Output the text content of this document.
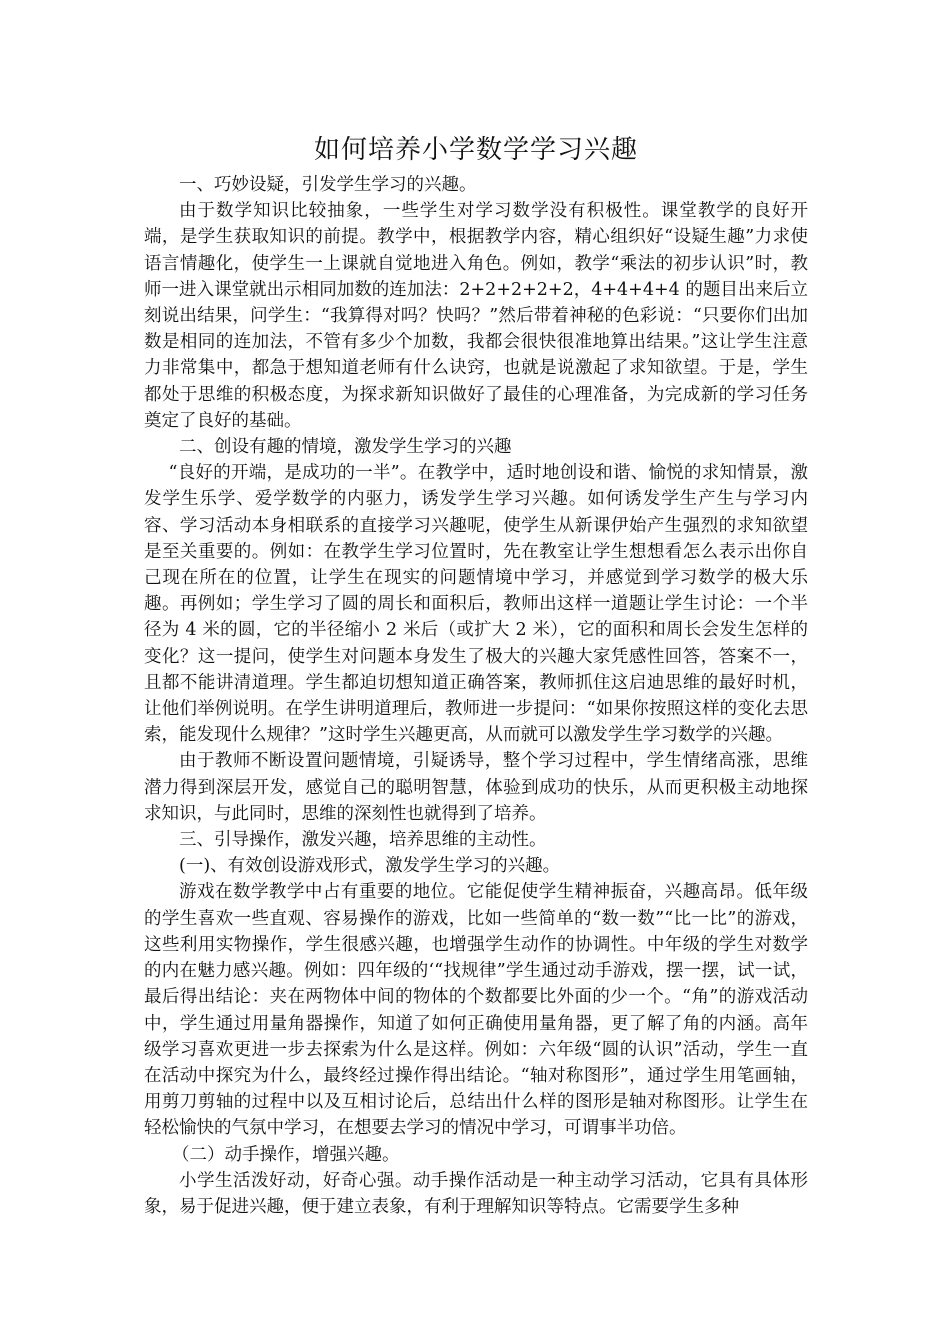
如何培养小学数学学习兴趣

一、巧妙设疑，引发学生学习的兴趣。

由于数学知识比较抽象，一些学生对学习数学没有积极性。课堂教学的良好开端，是学生获取知识的前提。教学中，根据教学内容，精心组织好“设疑生趣”力求使语言情趣化，使学生一上课就自觉地进入角色。例如，教学“乘法的初步认识”时，教师一进入课堂就出示相同加数的连加法：2+2+2+2+2，4+4+4+4 的题目出来后立刻说出结果，问学生：“我算得对吗？快吗？”然后带着神秘的色彩说：“只要你们出加数是相同的连加法，不管有多少个加数，我都会很快很准地算出结果。”这让学生注意力非常集中，都急于想知道老师有什么诀窍，也就是说激起了求知欲望。于是，学生都处于思维的积极态度，为探求新知识做好了最佳的心理准备，为完成新的学习任务奠定了良好的基础。

二、创设有趣的情境，激发学生学习的兴趣

“良好的开端，是成功的一半”。在教学中，适时地创设和谐、愉悦的求知情景，激发学生乐学、爱学数学的内驱力，诱发学生学习兴趣。如何诱发学生产生与学习内容、学习活动本身相联系的直接学习兴趣呢，使学生从新课伊始产生强烈的求知欲望是至关重要的。例如：在教学生学习位置时，先在教室让学生想想看怎么表示出你自己现在所在的位置，让学生在现实的问题情境中学习，并感觉到学习数学的极大乐趣。再例如；学生学习了圆的周长和面积后，教师出这样一道题让学生讨论：一个半径为 4 米的圆，它的半径缩小 2 米后（或扩大 2 米），它的面积和周长会发生怎样的变化？这一提问，使学生对问题本身发生了极大的兴趣大家凭感性回答，答案不一，且都不能讲清道理。学生都迫切想知道正确答案，教师抓住这启迪思维的最好时机，让他们举例说明。在学生讲明道理后，教师进一步提问：“如果你按照这样的变化去思索，能发现什么规律？”这时学生兴趣更高，从而就可以激发学生学习数学的兴趣。

由于教师不断设置问题情境，引疑诱导，整个学习过程中，学生情绪高涨，思维潜力得到深层开发，感觉自己的聪明智慧，体验到成功的快乐，从而更积极主动地探求知识，与此同时，思维的深刻性也就得到了培养。

三、引导操作，激发兴趣，培养思维的主动性。

(一)、有效创设游戏形式，激发学生学习的兴趣。

游戏在数学教学中占有重要的地位。它能促使学生精神振奋，兴趣高昂。低年级的学生喜欢一些直观、容易操作的游戏，比如一些简单的“数一数”“比一比”的游戏，这些利用实物操作，学生很感兴趣，也增强学生动作的协调性。中年级的学生对数学的内在魅力感兴趣。例如：四年级的‘“找规律”学生通过动手游戏，摆一摆，试一试，最后得出结论：夹在两物体中间的物体的个数都要比外面的少一个。“角”的游戏活动中，学生通过用量角器操作，知道了如何正确使用量角器，更了解了角的内涵。高年级学习喜欢更进一步去探索为什么是这样。例如：六年级“圆的认识”活动，学生一直在活动中探究为什么，最终经过操作得出结论。“轴对称图形”，通过学生用笔画轴，用剪刀剪轴的过程中以及互相讨论后，总结出什么样的图形是轴对称图形。让学生在轻松愉快的气氛中学习，在想要去学习的情况中学习，可谓事半功倍。

（二）动手操作，增强兴趣。

小学生活泼好动，好奇心强。动手操作活动是一种主动学习活动，它具有具体形象，易于促进兴趣，便于建立表象，有利于理解知识等特点。它需要学生多种
